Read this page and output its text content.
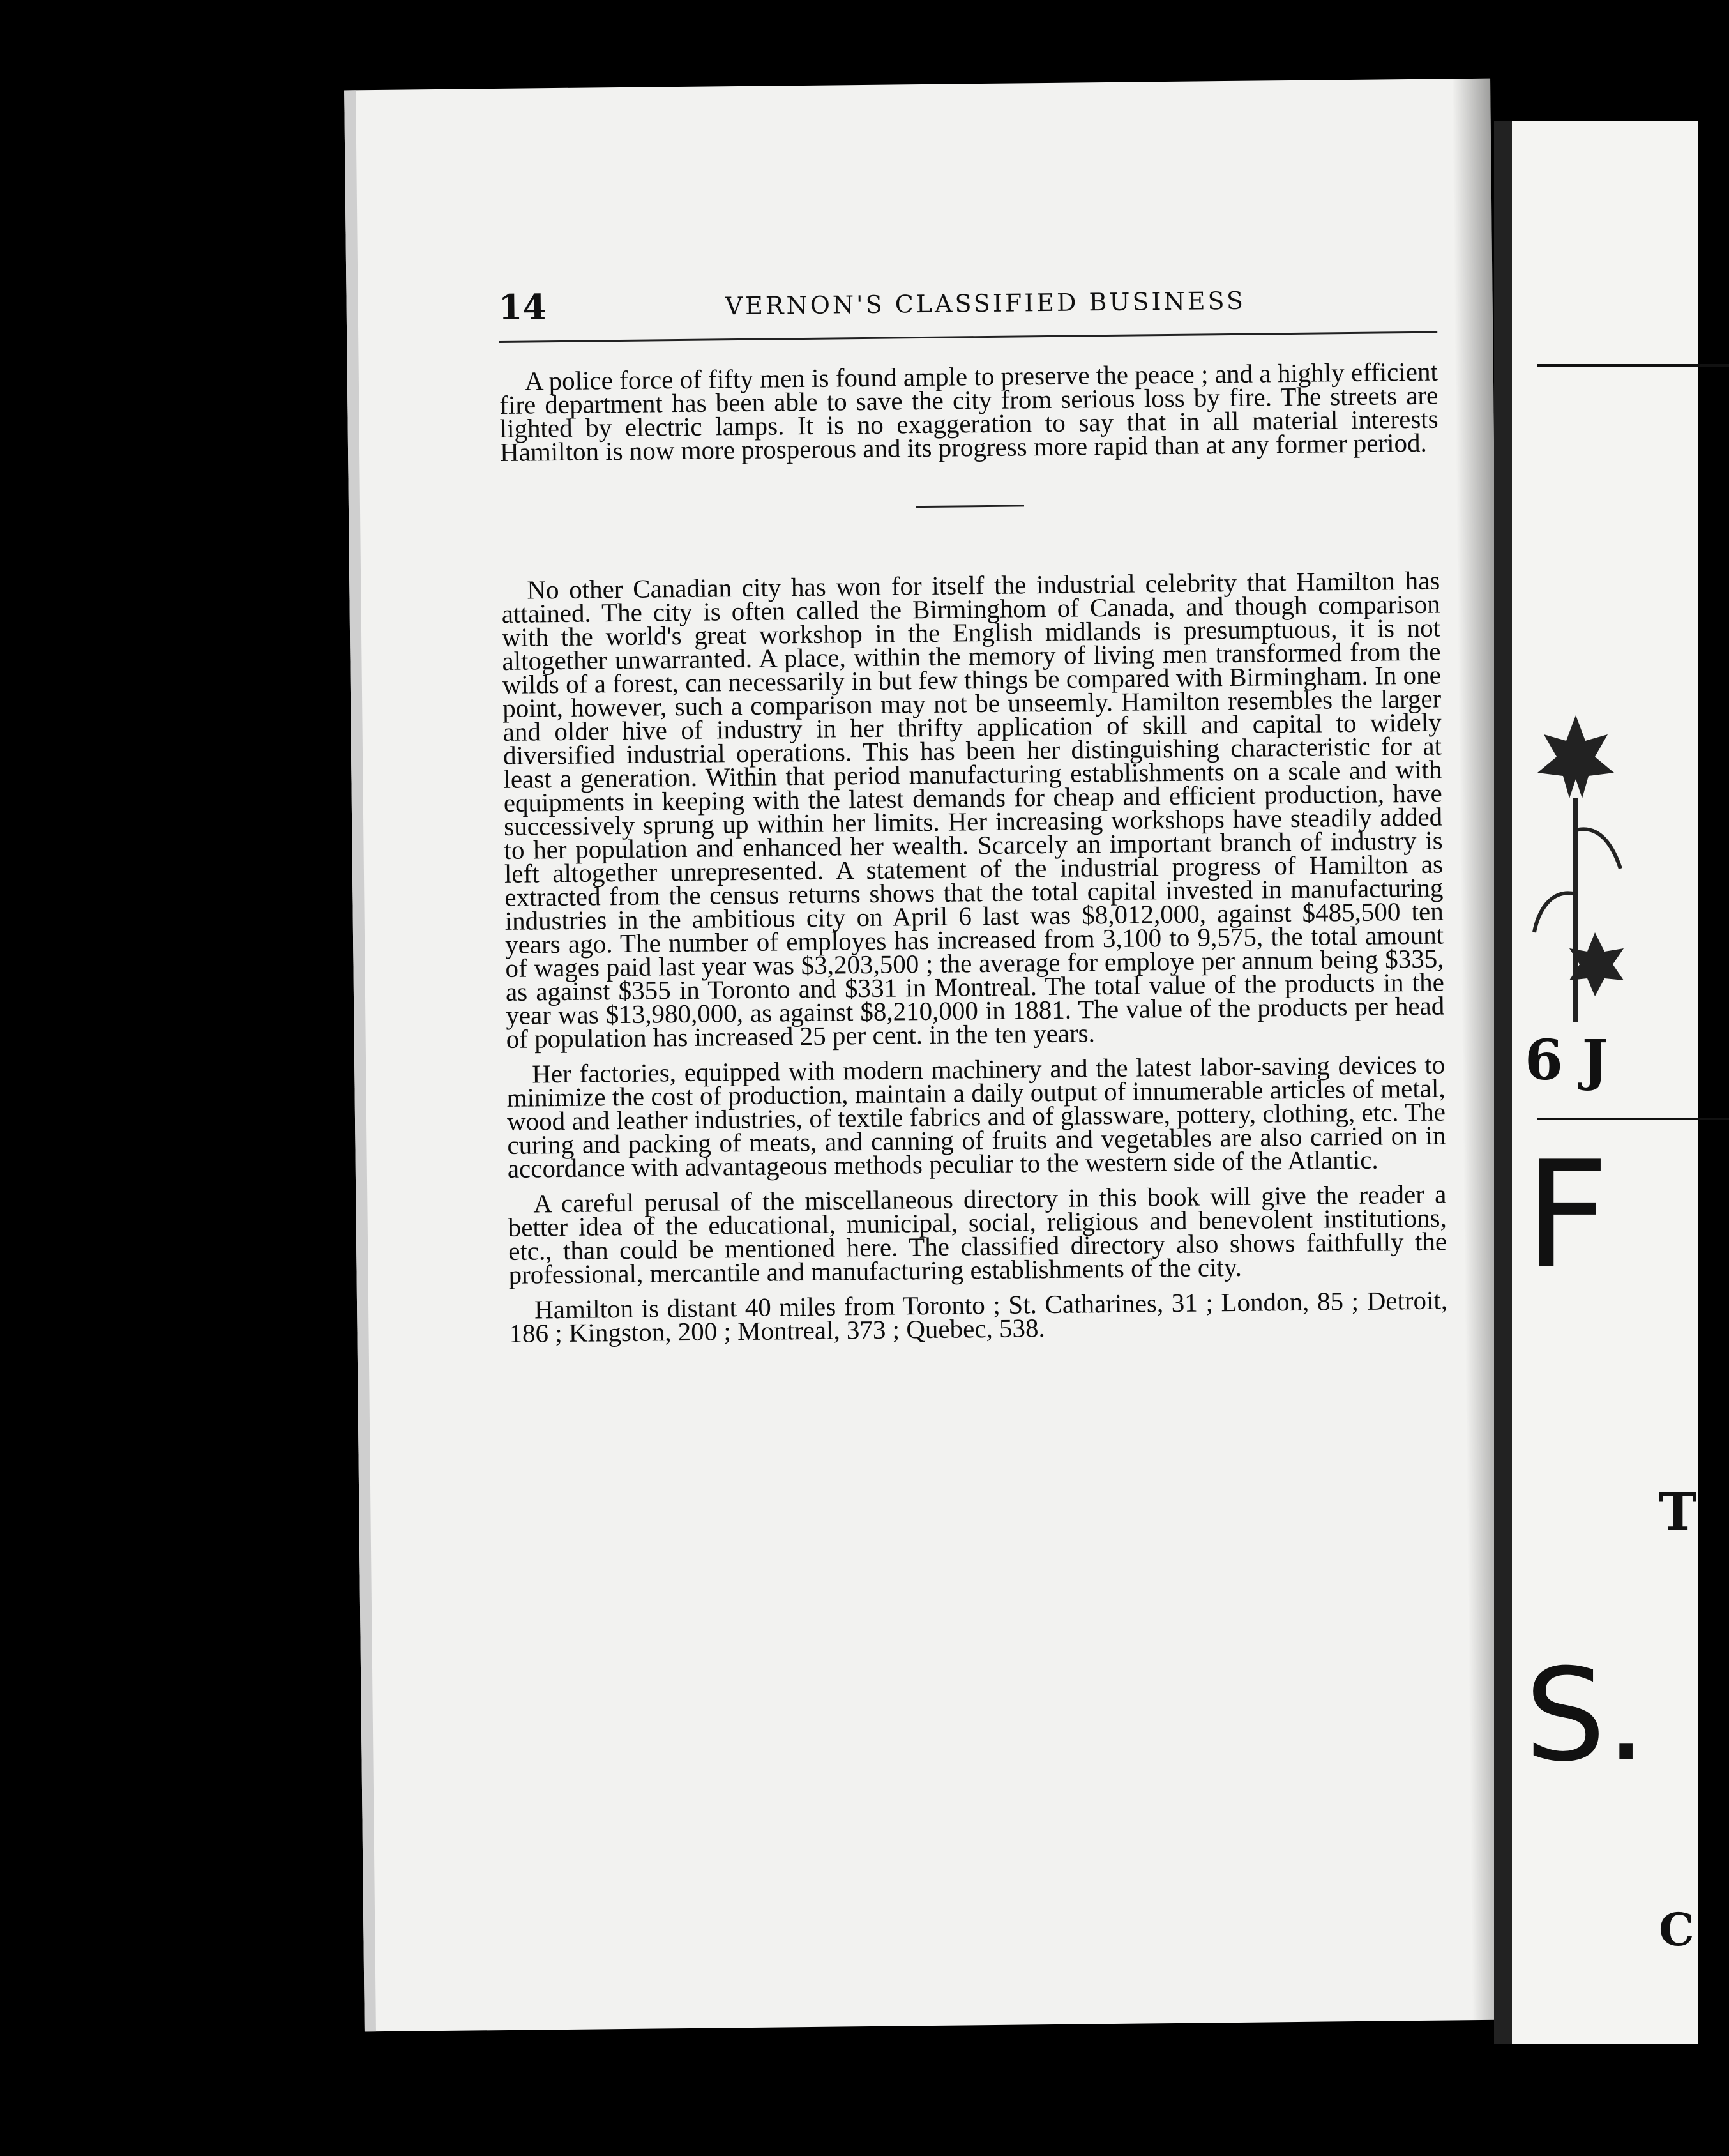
14	VERNON'S CLASSIFIED BUSINESS

A police force of fifty men is found ample to preserve the peace ; and a highly efficient fire department has been able to save the city from serious loss by fire. The streets are lighted by electric lamps. It is no exaggeration to say that in all material interests Hamilton is now more prosperous and its progress more rapid than at any former period.

No other Canadian city has won for itself the industrial celebrity that Hamilton has attained. The city is often called the Birminghom of Canada, and though comparison with the world's great workshop in the English midlands is presumptuous, it is not altogether unwarranted. A place, within the memory of living men transformed from the wilds of a forest, can necessarily in but few things be compared with Birmingham. In one point, however, such a comparison may not be unseemly. Hamilton resembles the larger and older hive of industry in her thrifty application of skill and capital to widely diversified industrial operations. This has been her distinguishing characteristic for at least a generation. Within that period manufacturing establishments on a scale and with equipments in keeping with the latest demands for cheap and efficient production, have successively sprung up within her limits. Her increasing workshops have steadily added to her population and enhanced her wealth. Scarcely an important branch of industry is left altogether unrepresented. A statement of the industrial progress of Hamilton as extracted from the census returns shows that the total capital invested in manufacturing industries in the ambitious city on April 6 last was $8,012,000, against $485,500 ten years ago. The number of employes has increased from 3,100 to 9,575, the total amount of wages paid last year was $3,203,500 ; the average for employe per annum being $335, as against $355 in Toronto and $331 in Montreal. The total value of the products in the year was $13,980,000, as against $8,210,000 in 1881. The value of the products per head of population has increased 25 per cent. in the ten years.

Her factories, equipped with modern machinery and the latest labor-saving devices to minimize the cost of production, maintain a daily output of innumerable articles of metal, wood and leather industries, of textile fabrics and of glassware, pottery, clothing, etc. The curing and packing of meats, and canning of fruits and vegetables are also carried on in accordance with advantageous methods peculiar to the western side of the Atlantic.

A careful perusal of the miscellaneous directory in this book will give the reader a better idea of the educational, municipal, social, religious and benevolent institutions, etc., than could be mentioned here. The classified directory also shows faithfully the professional, mercantile and manufacturing establishments of the city.

Hamilton is distant 40 miles from Toronto ; St. Catharines, 31 ; London, 85 ; Detroit, 186 ; Kingston, 200 ; Montreal, 373 ; Quebec, 538.

6 J
F
T
S.
C
